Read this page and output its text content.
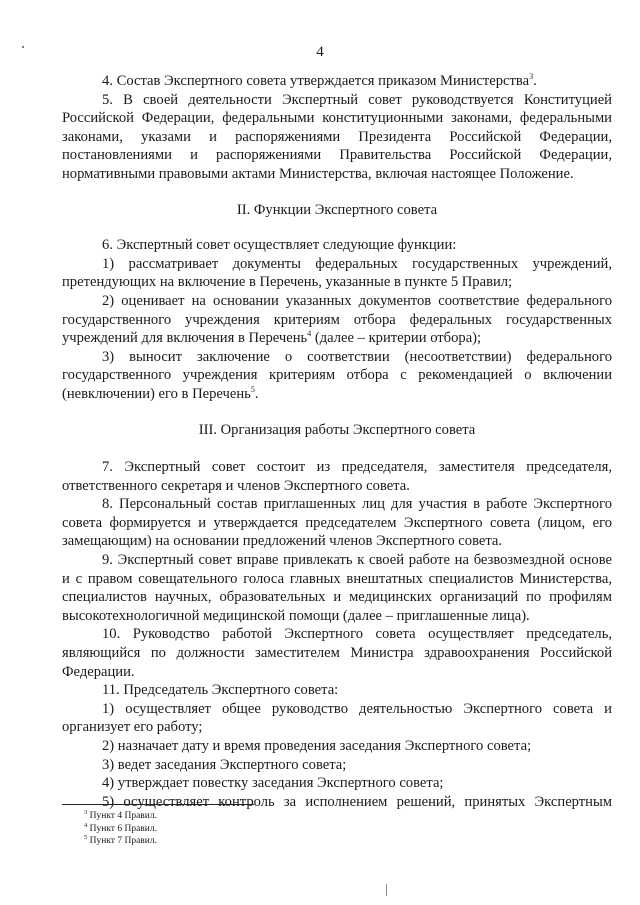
4

4. Состав Экспертного совета утверждается приказом Министерства$^3$.

5. В своей деятельности Экспертный совет руководствуется Конституцией Российской Федерации, федеральными конституционными законами, федеральными законами, указами и распоряжениями Президента Российской Федерации, постановлениями и распоряжениями Правительства Российской Федерации, нормативными правовыми актами Министерства, включая настоящее Положение.

II. Функции Экспертного совета

6. Экспертный совет осуществляет следующие функции:

1) рассматривает документы федеральных государственных учреждений, претендующих на включение в Перечень, указанные в пункте 5 Правил;

2) оценивает на основании указанных документов соответствие федерального государственного учреждения критериям отбора федеральных государственных учреждений для включения в Перечень$^4$ (далее – критерии отбора);

3) выносит заключение о соответствии (несоответствии) федерального государственного учреждения критериям отбора с рекомендацией о включении (невключении) его в Перечень$^5$.

III. Организация работы Экспертного совета

7. Экспертный совет состоит из председателя, заместителя председателя, ответственного секретаря и членов Экспертного совета.

8. Персональный состав приглашенных лиц для участия в работе Экспертного совета формируется и утверждается председателем Экспертного совета (лицом, его замещающим) на основании предложений членов Экспертного совета.

9. Экспертный совет вправе привлекать к своей работе на безвозмездной основе и с правом совещательного голоса главных внештатных специалистов Министерства, специалистов научных, образовательных и медицинских организаций по профилям высокотехнологичной медицинской помощи (далее – приглашенные лица).

10. Руководство работой Экспертного совета осуществляет председатель, являющийся по должности заместителем Министра здравоохранения Российской Федерации.

11. Председатель Экспертного совета:

1) осуществляет общее руководство деятельностью Экспертного совета и организует его работу;

2) назначает дату и время проведения заседания Экспертного совета;

3) ведет заседания Экспертного совета;

4) утверждает повестку заседания Экспертного совета;

5) осуществляет контроль за исполнением решений, принятых Экспертным

$^3$ Пункт 4 Правил.

$^4$ Пункт 6 Правил.

$^5$ Пункт 7 Правил.
